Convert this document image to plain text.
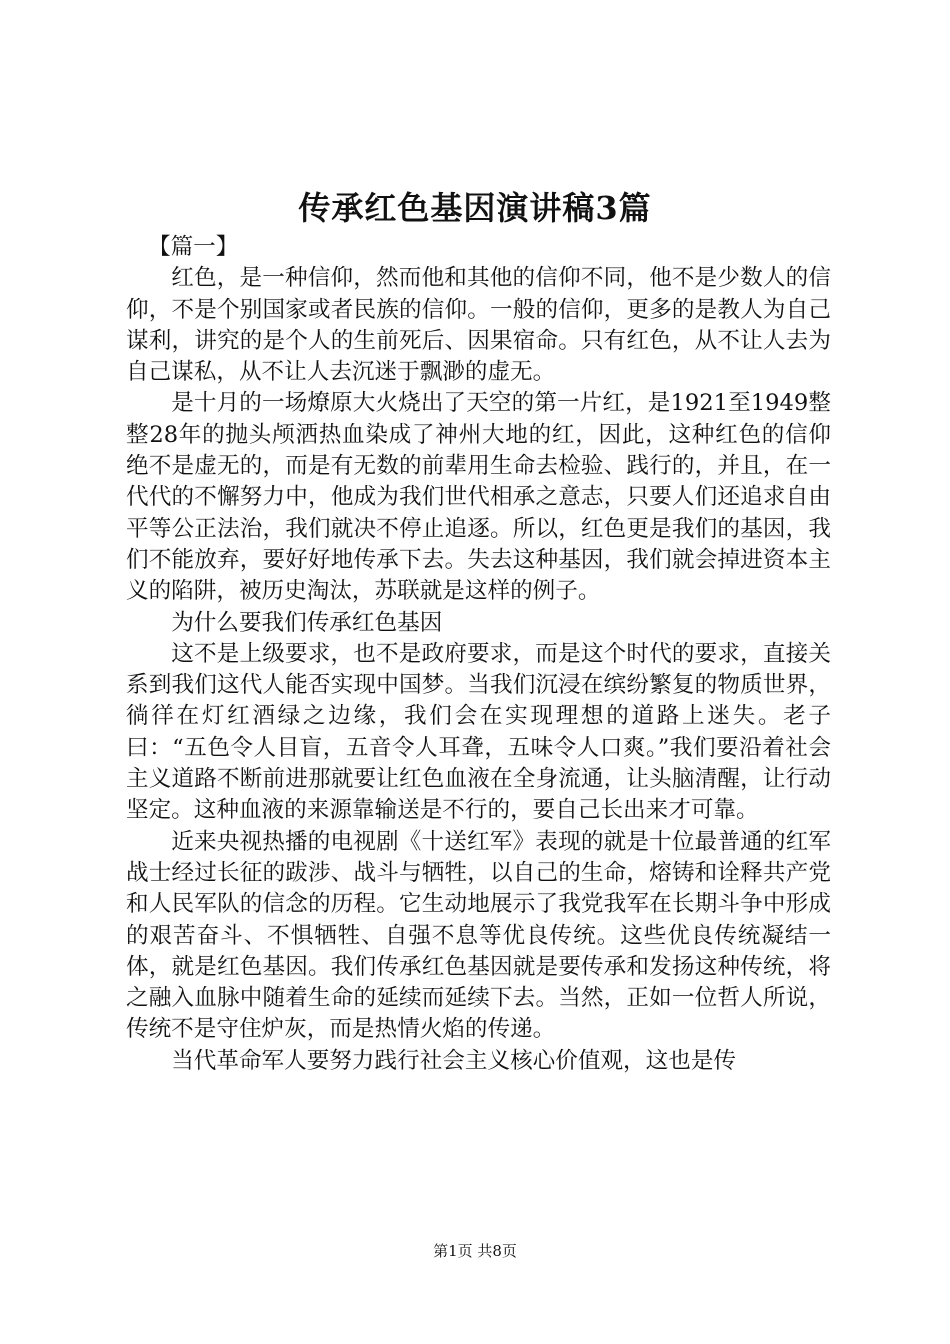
传承红色基因演讲稿3篇

【篇一】

红色，是一种信仰，然而他和其他的信仰不同，他不是少数人的信仰，不是个别国家或者民族的信仰。一般的信仰，更多的是教人为自己谋利，讲究的是个人的生前死后、因果宿命。只有红色，从不让人去为自己谋私，从不让人去沉迷于飘渺的虚无。

是十月的一场燎原大火烧出了天空的第一片红，是1921至1949整整28年的抛头颅洒热血染成了神州大地的红，因此，这种红色的信仰绝不是虚无的，而是有无数的前辈用生命去检验、践行的，并且，在一代代的不懈努力中，他成为我们世代相承之意志，只要人们还追求自由平等公正法治，我们就决不停止追逐。所以，红色更是我们的基因，我们不能放弃，要好好地传承下去。失去这种基因，我们就会掉进资本主义的陷阱，被历史淘汰，苏联就是这样的例子。

为什么要我们传承红色基因

这不是上级要求，也不是政府要求，而是这个时代的要求，直接关系到我们这代人能否实现中国梦。当我们沉浸在缤纷繁复的物质世界，徜徉在灯红酒绿之边缘，我们会在实现理想的道路上迷失。老子曰：“五色令人目盲，五音令人耳聋，五味令人口爽。”我们要沿着社会主义道路不断前进那就要让红色血液在全身流通，让头脑清醒，让行动坚定。这种血液的来源靠输送是不行的，要自己长出来才可靠。

近来央视热播的电视剧《十送红军》表现的就是十位最普通的红军战士经过长征的跋涉、战斗与牺牲，以自己的生命，熔铸和诠释共产党和人民军队的信念的历程。它生动地展示了我党我军在长期斗争中形成的艰苦奋斗、不惧牺牲、自强不息等优良传统。这些优良传统凝结一体，就是红色基因。我们传承红色基因就是要传承和发扬这种传统，将之融入血脉中随着生命的延续而延续下去。当然，正如一位哲人所说，传统不是守住炉灰，而是热情火焰的传递。

当代革命军人要努力践行社会主义核心价值观，这也是传

第1页 共8页
